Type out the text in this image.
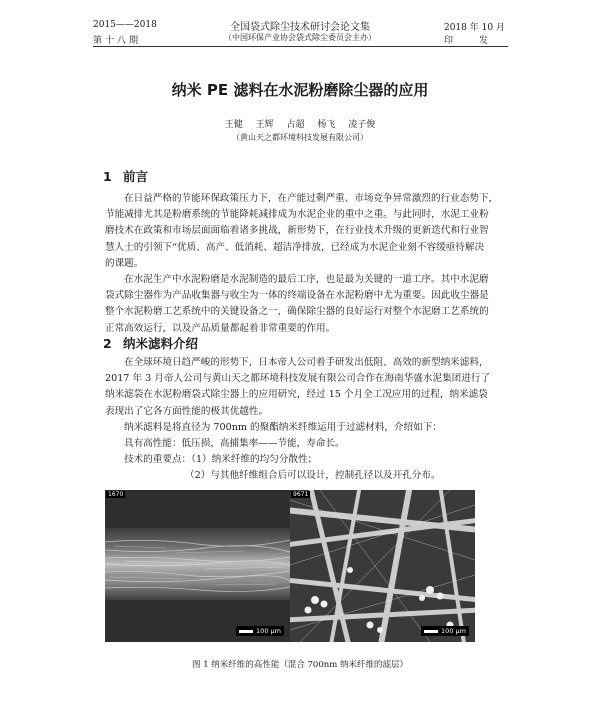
2015——2018
第十八期
全国袋式除尘技术研讨会论文集
（中国环保产业协会袋式除尘委员会主办）
2018 年 10 月
印发
纳米 PE 滤料在水泥粉磨除尘器的应用
王健 王辉 占超 杨飞 凌子俊
（黄山天之都环境科技发展有限公司）
1 前言
在日益严格的节能环保政策压力下，在产能过剩严重、市场竞争异常激烈的行业态势下，
节能减排尤其是粉磨系统的节能降耗减排成为水泥企业的重中之重。与此同时，水泥工业粉
磨技术在政策和市场层面面临着诸多挑战，新形势下，在行业技术升级的更新迭代和行业智
慧人士的引领下“优质、高产、低消耗、超洁净排放，已经成为水泥企业刻不容缓亟待解决
的课题。
在水泥生产中水泥粉磨是水泥制造的最后工序，也是最为关键的一道工序。其中水泥磨
袋式除尘器作为产品收集器与收尘为一体的终端设备在水泥粉磨中尤为重要。因此收尘器是
整个水泥粉磨工艺系统中的关键设备之一，确保除尘器的良好运行对整个水泥磨工艺系统的
正常高效运行，以及产品质量都起着非常重要的作用。
2 纳米滤料介绍
在全球环境日趋严峻的形势下，日本帝人公司着手研发出低阻、高效的新型纳米滤料，
2017 年 3 月帝人公司与黄山天之都环境科技发展有限公司合作在海南华盛水泥集团进行了
纳米滤袋在水泥粉磨袋式除尘器上的应用研究，经过 15 个月全工况应用的过程，纳米滤袋
表现出了它各方面性能的极其优越性。
纳米滤料是将直径为 700nm 的聚酯纳米纤维运用于过滤材料，介绍如下：
具有高性能：低压损，高捕集率——节能，寿命长。
技术的重要点：（1）纳米纤维的均匀分散性；
（2）与其他纤维组合后可以设计，控制孔径以及开孔分布。
1670
100 μm
9671
100 μm
图 1 纳米纤维的高性能（混合 700nm 纳米纤维的滤层）
